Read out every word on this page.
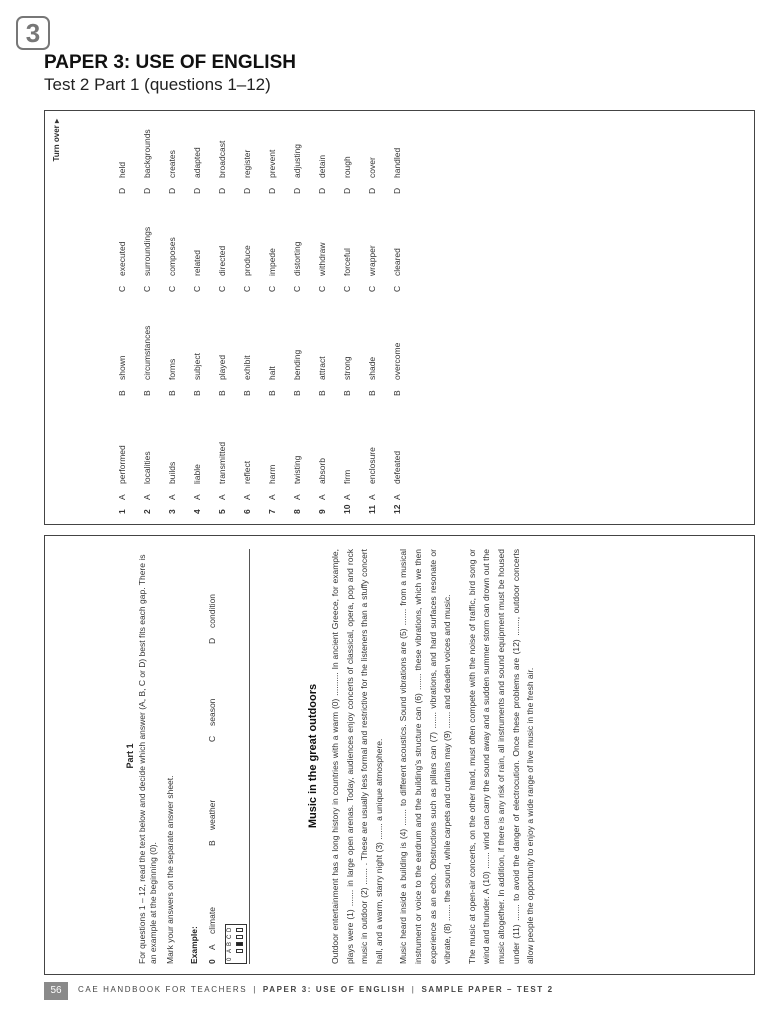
3
PAPER 3: USE OF ENGLISH
Test 2 Part 1 (questions 1–12)
Turn over ▸
1
A
performed
B
shown
C
executed
D
held
2
A
localities
B
circumstances
C
surroundings
D
backgrounds
3
A
builds
B
forms
C
composes
D
creates
4
A
liable
B
subject
C
related
D
adapted
5
A
transmitted
B
played
C
directed
D
broadcast
6
A
reflect
B
exhibit
C
produce
D
register
7
A
harm
B
halt
C
impede
D
prevent
8
A
twisting
B
bending
C
distorting
D
adjusting
9
A
absorb
B
attract
C
withdraw
D
detain
10
A
firm
B
strong
C
forceful
D
rough
11
A
enclosure
B
shade
C
wrapper
D
cover
12
A
defeated
B
overcome
C
cleared
D
handled
Part 1 For questions 1 – 12, read the text below and decide which answer (A, B, C or D) best fits each gap. There is an example at the beginning (0). Mark your answers on the separate answer sheet. Example: 0
A
climate
B
weather
C
season
D
condition
0
A
B
C
D
Music in the great outdoors Outdoor entertainment has a long history in countries with a warm (0) .......... In ancient Greece, for example, plays were (1) ....... in large open arenas. Today, audiences enjoy concerts of classical, opera, pop and rock music in outdoor (2) ....... . These are usually less formal and restrictive for the listeners than a stuffy concert hall, and a warm, starry night (3) ....... a unique atmosphere.	Music heard inside a building is (4) ....... to different acoustics. Sound vibrations are (5) ....... from a musical instrument or voice to the eardrum and the building’s structure can (6) ....... these vibrations, which we then experience as an echo. Obstructions such as pillars can (7) ....... vibrations, and hard surfaces resonate or vibrate, (8) ....... the sound, while carpets and curtains may (9) ....... and deaden voices and music.	The music at open-air concerts, on the other hand, must often compete with the noise of traffic, bird song or wind and thunder. A (10) ....... wind can carry the sound away and a sudden summer storm can drown out the music altogether. In addition, if there is any risk of rain, all instruments and sound equipment must be housed under (11) ....... to avoid the danger of electrocution. Once these problems are (12) ......., outdoor concerts allow people the opportunity to enjoy a wide range of live music in the fresh air.

56	CAE HANDBOOK FOR TEACHERS | PAPER 3: USE OF ENGLISH | SAMPLE PAPER – TEST 2
